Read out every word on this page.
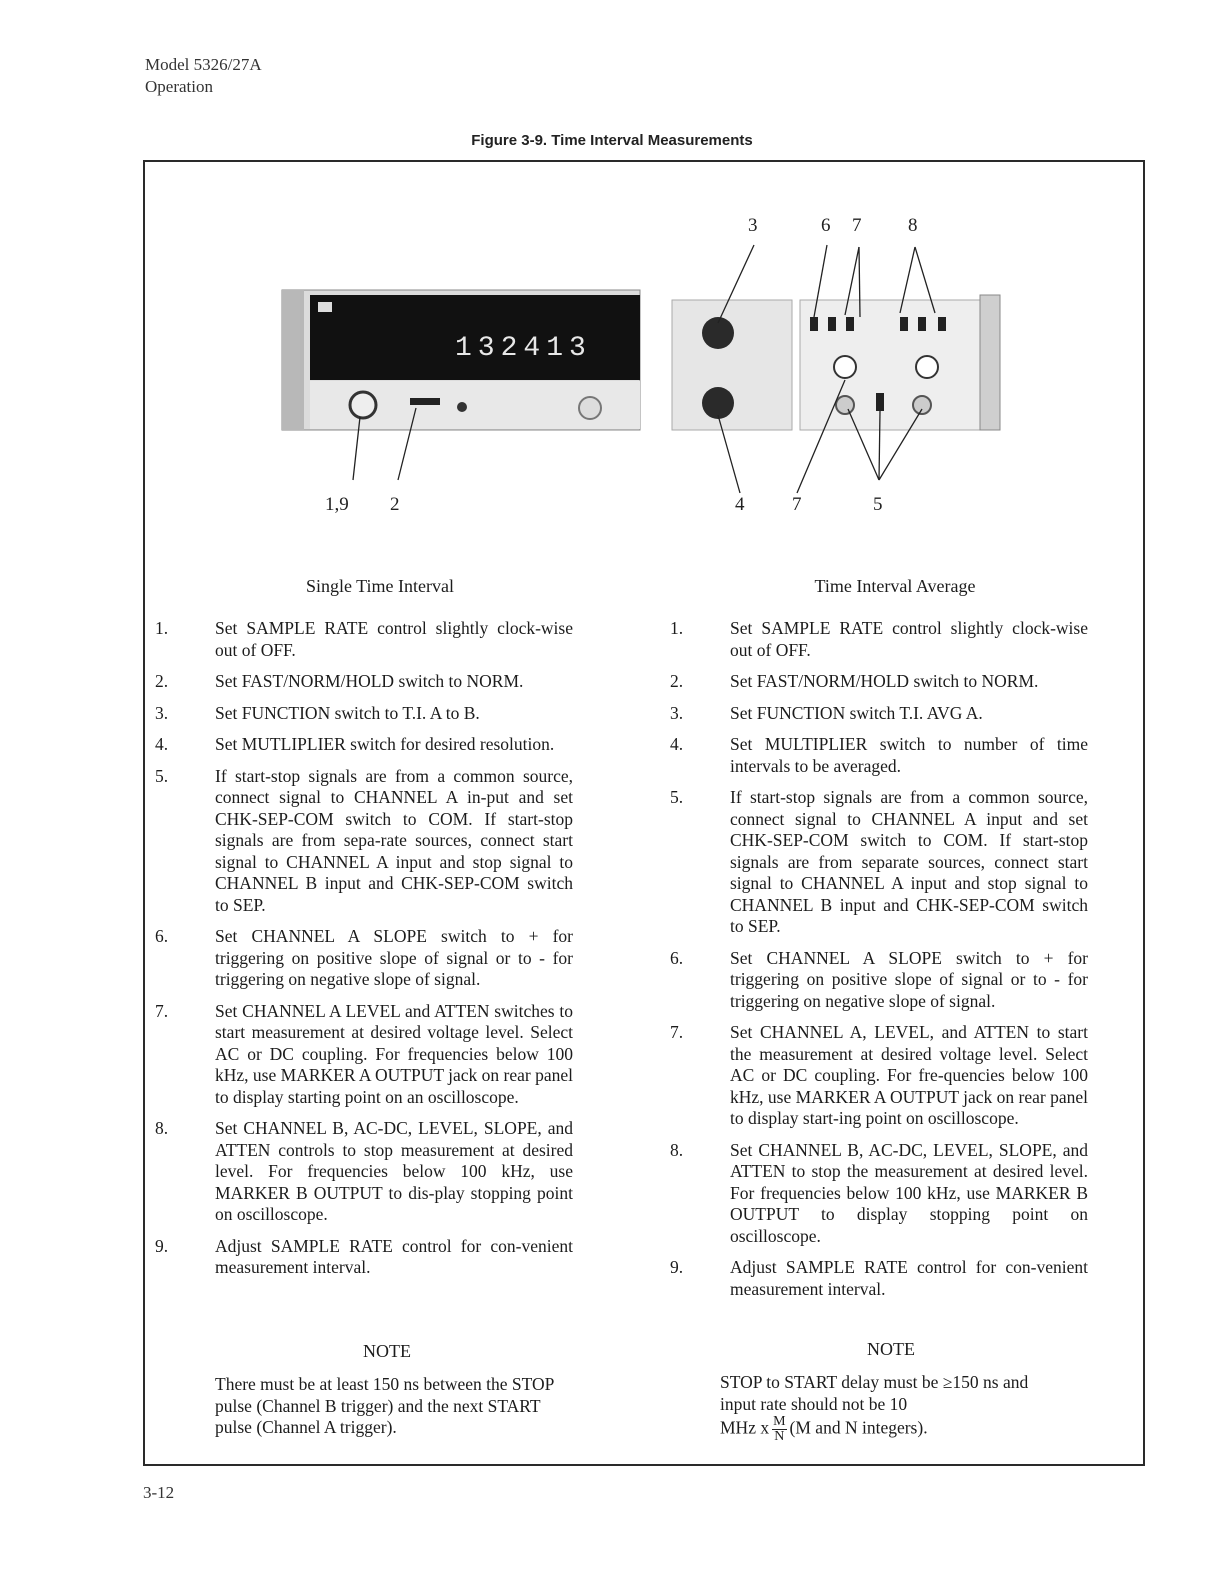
Model 5326/27A
Operation
Figure 3-9. Time Interval Measurements
132413
3	6 7 8
1,9 2	4	7	5
Single Time Interval
1.	Set SAMPLE RATE control slightly clock-wise out of OFF.
2.	Set FAST/NORM/HOLD switch to NORM.
3.	Set FUNCTION switch to T.I. A to B.
4.	Set MUTLIPLIER switch for desired resolution.
5.	If start-stop signals are from a common source, connect signal to CHANNEL A in-put and set CHK-SEP-COM switch to COM. If start-stop signals are from sepa-rate sources, connect start signal to CHANNEL A input and stop signal to CHANNEL B input and CHK-SEP-COM switch to SEP.
6.	Set CHANNEL A SLOPE switch to + for triggering on positive slope of signal or to - for triggering on negative slope of signal.
7.	Set CHANNEL A LEVEL and ATTEN switches to start measurement at desired voltage level. Select AC or DC coupling. For frequencies below 100 kHz, use MARKER A OUTPUT jack on rear panel to display starting point on an oscilloscope.
8.	Set CHANNEL B, AC-DC, LEVEL, SLOPE, and ATTEN controls to stop measurement at desired level. For frequencies below 100 kHz, use MARKER B OUTPUT to dis-play stopping point on oscilloscope.
9.	Adjust SAMPLE RATE control for con-venient measurement interval.
NOTE
There must be at least 150 ns between the STOP pulse (Channel B trigger) and the next START pulse (Channel A trigger).
Time Interval Average
1.	Set SAMPLE RATE control slightly clock-wise out of OFF.
2.	Set FAST/NORM/HOLD switch to NORM.
3.	Set FUNCTION switch T.I. AVG A.
4.	Set MULTIPLIER switch to number of time intervals to be averaged.
5.	If start-stop signals are from a common source, connect signal to CHANNEL A input and set CHK-SEP-COM switch to COM. If start-stop signals are from separate sources, connect start signal to CHANNEL A input and stop signal to CHANNEL B input and CHK-SEP-COM switch to SEP.
6.	Set CHANNEL A SLOPE switch to + for triggering on positive slope of signal or to - for triggering on negative slope of signal.
7.	Set CHANNEL A, LEVEL, and ATTEN to start the measurement at desired voltage level. Select AC or DC coupling. For fre-quencies below 100 kHz, use MARKER A OUTPUT jack on rear panel to display start-ing point on oscilloscope.
8.	Set CHANNEL B, AC-DC, LEVEL, SLOPE, and ATTEN to stop the measurement at desired level. For frequencies below 100 kHz, use MARKER B OUTPUT to display stopping point on oscilloscope.
9.	Adjust SAMPLE RATE control for con-venient measurement interval.
NOTE
STOP to START delay must be ≥150 ns and input rate should not be 10
MHz x $\frac{M}{N} (M$ and N integers).
3-12
